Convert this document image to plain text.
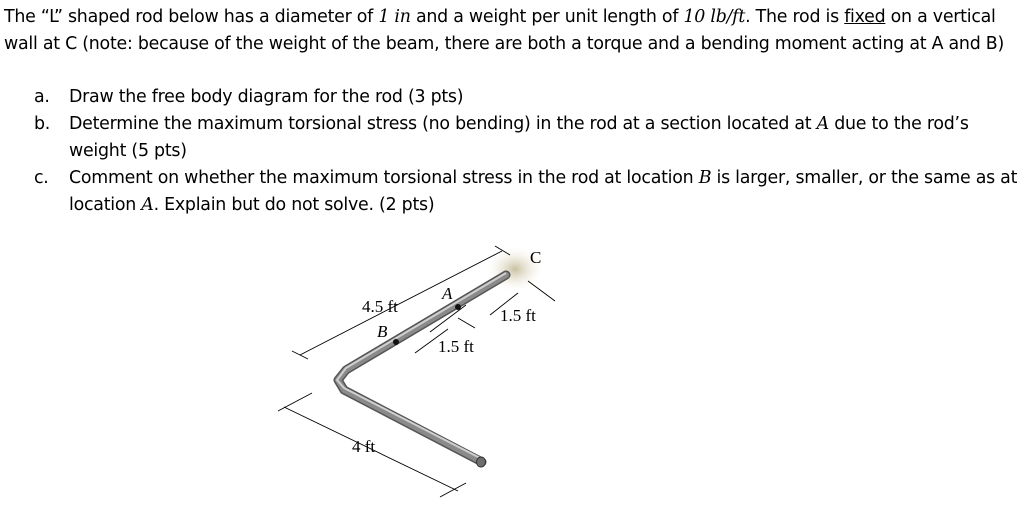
The “L” shaped rod below has a diameter of 1 in and a weight per unit length of 10 lb/ft. The rod is fixed on a vertical wall at C (note: because of the weight of the beam, there are both a torque and a bending moment acting at A and B)
a. Draw the free body diagram for the rod (3 pts)
b. Determine the maximum torsional stress (no bending) in the rod at a section located at A due to the rod’s weight (5 pts)
c. Comment on whether the maximum torsional stress in the rod at location B is larger, smaller, or the same as at location A. Explain but do not solve. (2 pts)
C
A
B
4.5 ft	1.5 ft
1.5 ft
4 ft
